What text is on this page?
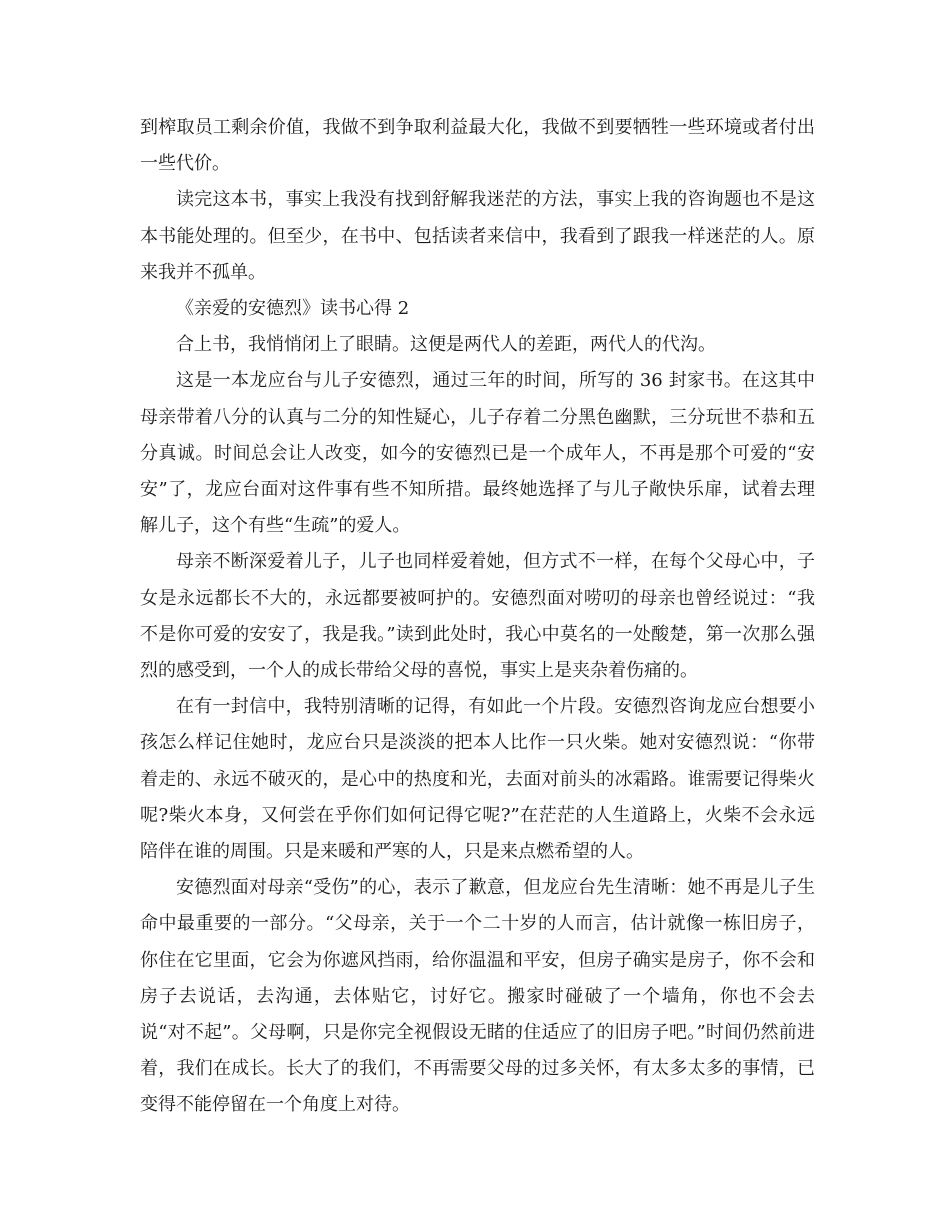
到榨取员工剩余价值，我做不到争取利益最大化，我做不到要牺牲一些环境或者付出一些代价。

读完这本书，事实上我没有找到舒解我迷茫的方法，事实上我的咨询题也不是这本书能处理的。但至少，在书中、包括读者来信中，我看到了跟我一样迷茫的人。原来我并不孤单。

《亲爱的安德烈》读书心得 2

合上书，我悄悄闭上了眼睛。这便是两代人的差距，两代人的代沟。

这是一本龙应台与儿子安德烈，通过三年的时间，所写的 36 封家书。在这其中母亲带着八分的认真与二分的知性疑心，儿子存着二分黑色幽默，三分玩世不恭和五分真诚。时间总会让人改变，如今的安德烈已是一个成年人，不再是那个可爱的“安安”了，龙应台面对这件事有些不知所措。最终她选择了与儿子敞快乐扉，试着去理解儿子，这个有些“生疏”的爱人。

母亲不断深爱着儿子，儿子也同样爱着她，但方式不一样，在每个父母心中，子女是永远都长不大的，永远都要被呵护的。安德烈面对唠叨的母亲也曾经说过：“我不是你可爱的安安了，我是我。”读到此处时，我心中莫名的一处酸楚，第一次那么强烈的感受到，一个人的成长带给父母的喜悦，事实上是夹杂着伤痛的。

在有一封信中，我特别清晰的记得，有如此一个片段。安德烈咨询龙应台想要小孩怎么样记住她时，龙应台只是淡淡的把本人比作一只火柴。她对安德烈说：“你带着走的、永远不破灭的，是心中的热度和光，去面对前头的冰霜路。谁需要记得柴火呢?柴火本身，又何尝在乎你们如何记得它呢?”在茫茫的人生道路上，火柴不会永远陪伴在谁的周围。只是来暖和严寒的人，只是来点燃希望的人。

安德烈面对母亲“受伤”的心，表示了歉意，但龙应台先生清晰：她不再是儿子生命中最重要的一部分。“父母亲，关于一个二十岁的人而言，估计就像一栋旧房子，你住在它里面，它会为你遮风挡雨，给你温温和平安，但房子确实是房子，你不会和房子去说话，去沟通，去体贴它，讨好它。搬家时碰破了一个墙角，你也不会去说“对不起”。父母啊，只是你完全视假设无睹的住适应了的旧房子吧。”时间仍然前进着，我们在成长。长大了的我们，不再需要父母的过多关怀，有太多太多的事情，已变得不能停留在一个角度上对待。
